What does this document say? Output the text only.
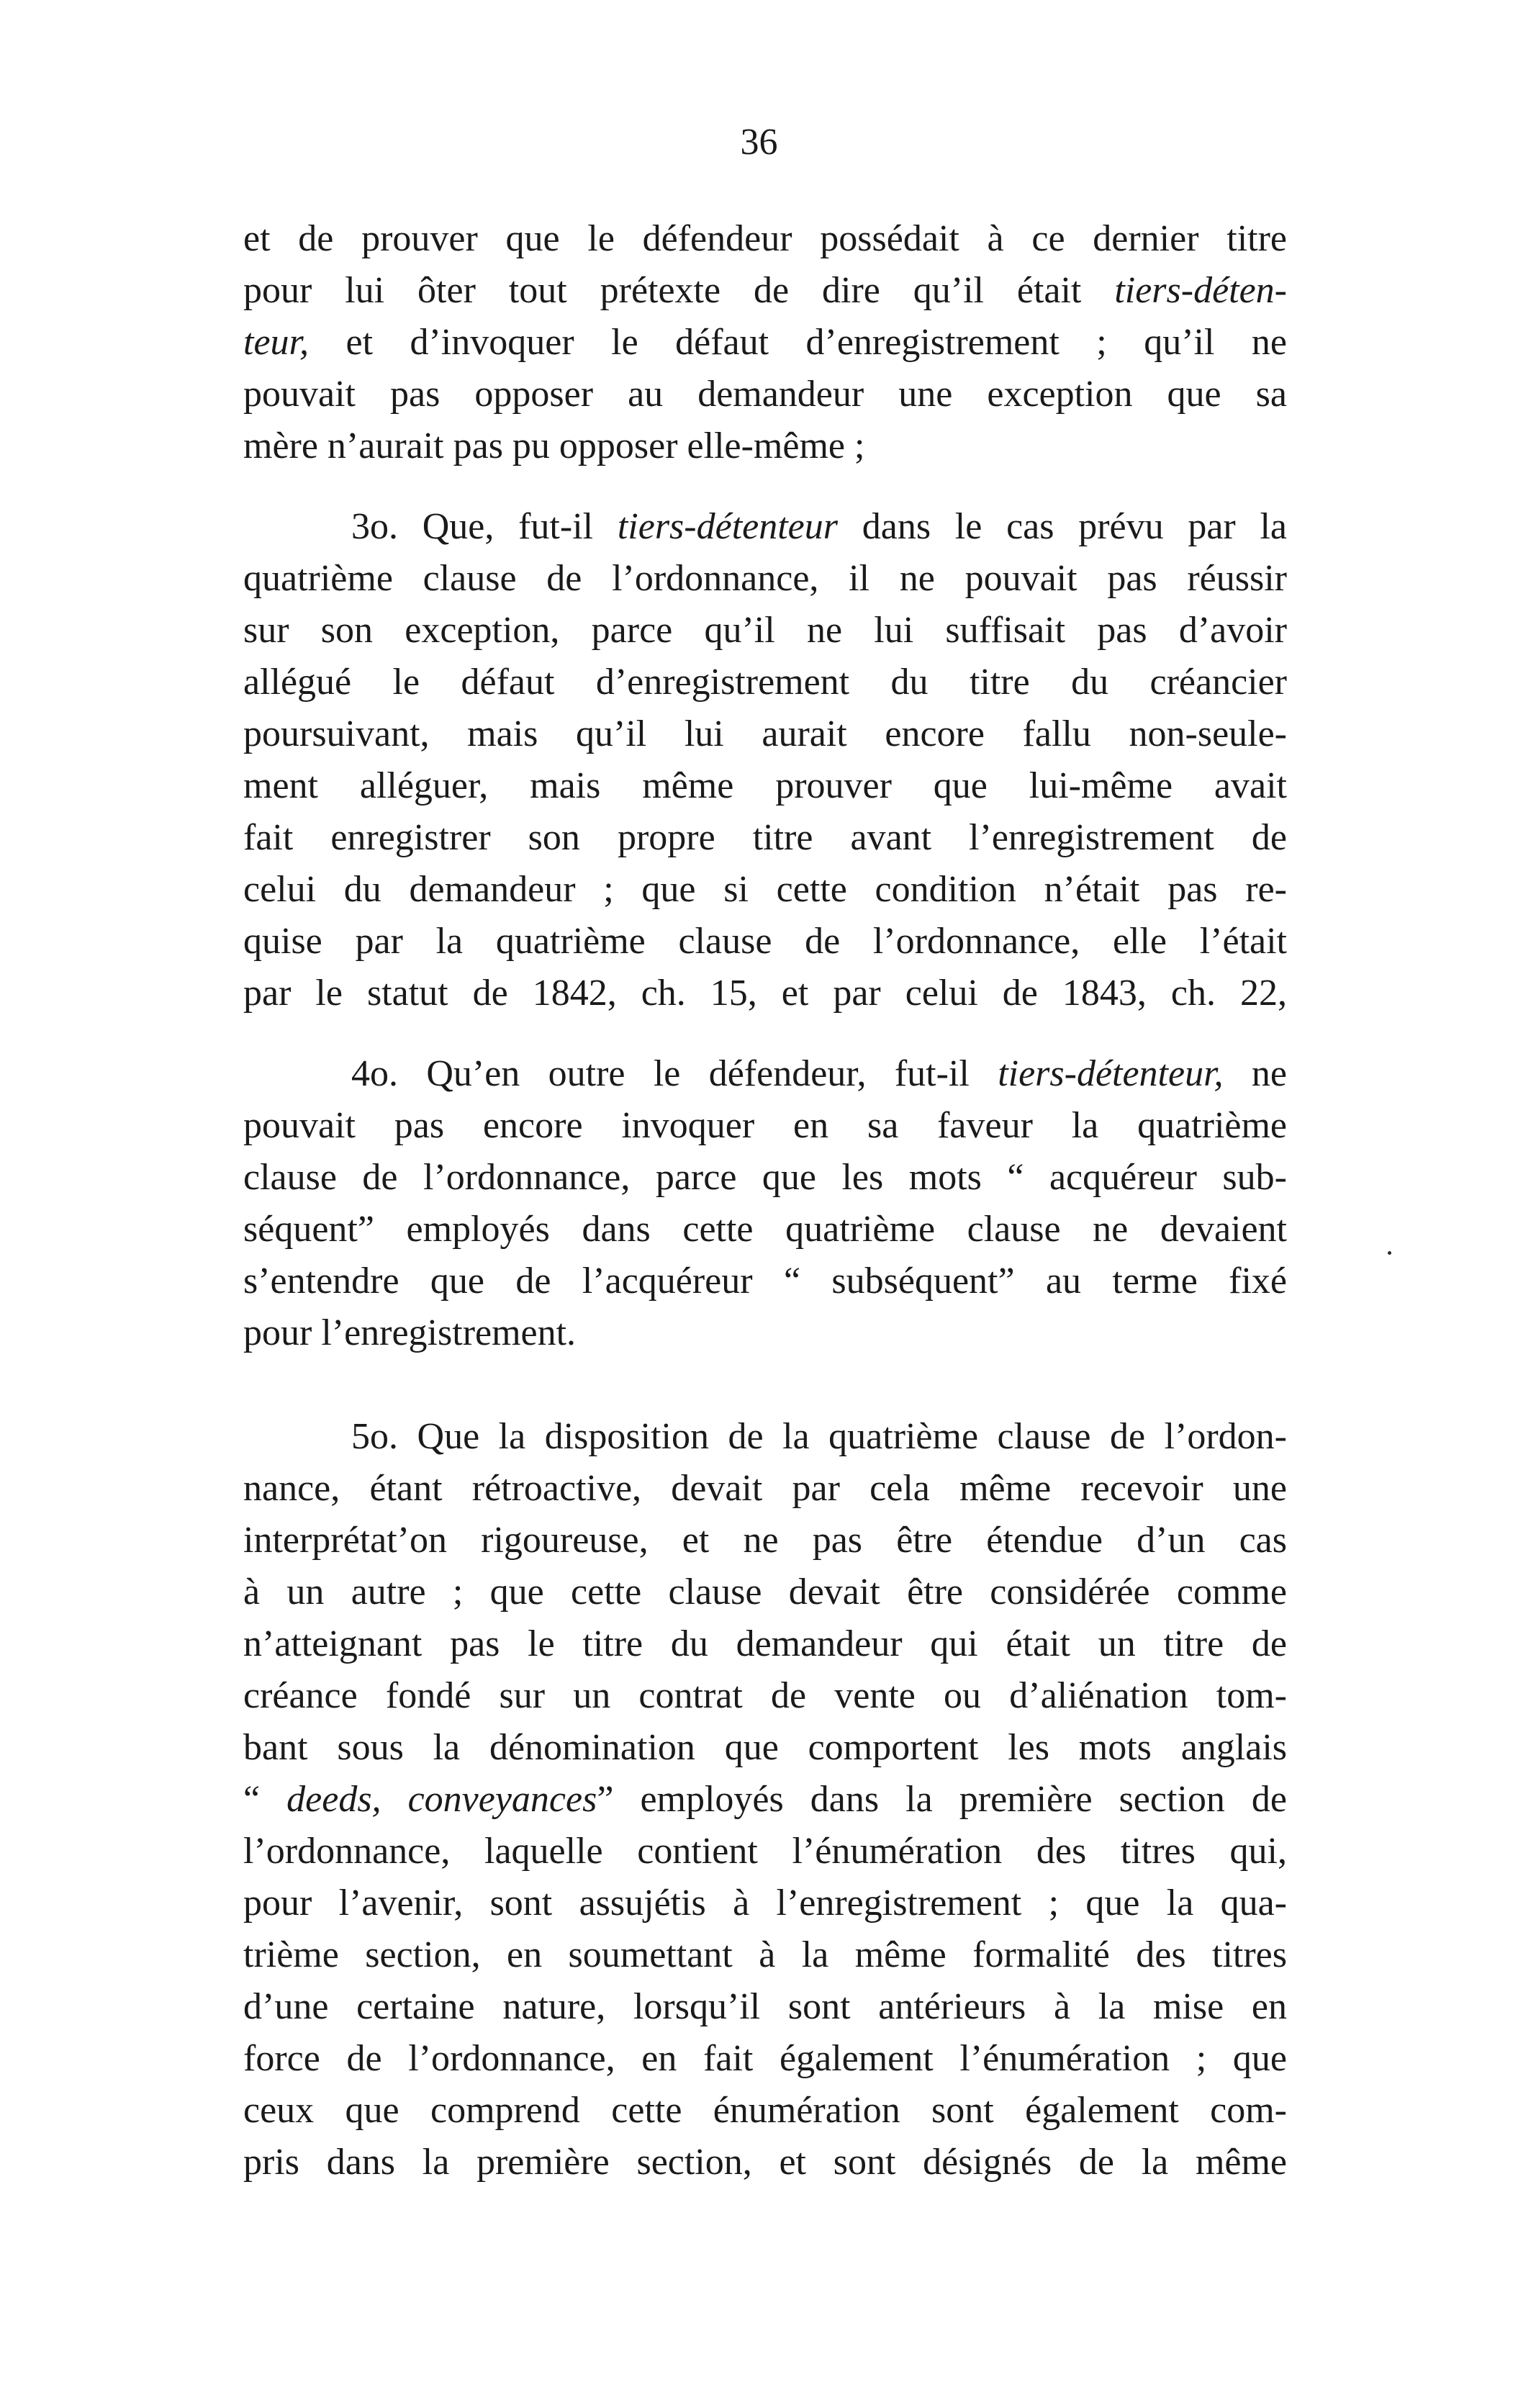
36
et de prouver que le défendeur possédait à ce dernier titre
pour lui ôter tout prétexte de dire qu’il était tiers-déten-
teur, et d’invoquer le défaut d’enregistrement ; qu’il ne
pouvait pas opposer au demandeur une exception que sa
mère n’aurait pas pu opposer elle-même ;
3o. Que, fut-il tiers-détenteur dans le cas prévu par la
quatrième clause de l’ordonnance, il ne pouvait pas réussir
sur son exception, parce qu’il ne lui suffisait pas d’avoir
allégué le défaut d’enregistrement du titre du créancier
poursuivant, mais qu’il lui aurait encore fallu non-seule-
ment alléguer, mais même prouver que lui-même avait
fait enregistrer son propre titre avant l’enregistrement de
celui du demandeur ; que si cette condition n’était pas re-
quise par la quatrième clause de l’ordonnance, elle l’était
par le statut de 1842, ch. 15, et par celui de 1843, ch. 22,
4o. Qu’en outre le défendeur, fut-il tiers-détenteur, ne
pouvait pas encore invoquer en sa faveur la quatrième
clause de l’ordonnance, parce que les mots “ acquéreur sub-
séquent” employés dans cette quatrième clause ne devaient
s’entendre que de l’acquéreur “ subséquent” au terme fixé
pour l’enregistrement.
5o. Que la disposition de la quatrième clause de l’ordon-
nance, étant rétroactive, devait par cela même recevoir une
interprétat’on rigoureuse, et ne pas être étendue d’un cas
à un autre ; que cette clause devait être considérée comme
n’atteignant pas le titre du demandeur qui était un titre de
créance fondé sur un contrat de vente ou d’aliénation tom-
bant sous la dénomination que comportent les mots anglais
“ deeds, conveyances” employés dans la première section de
l’ordonnance, laquelle contient l’énumération des titres qui,
pour l’avenir, sont assujétis à l’enregistrement ; que la qua-
trième section, en soumettant à la même formalité des titres
d’une certaine nature, lorsqu’il sont antérieurs à la mise en
force de l’ordonnance, en fait également l’énumération ; que
ceux que comprend cette énumération sont également com-
pris dans la première section, et sont désignés de la même
